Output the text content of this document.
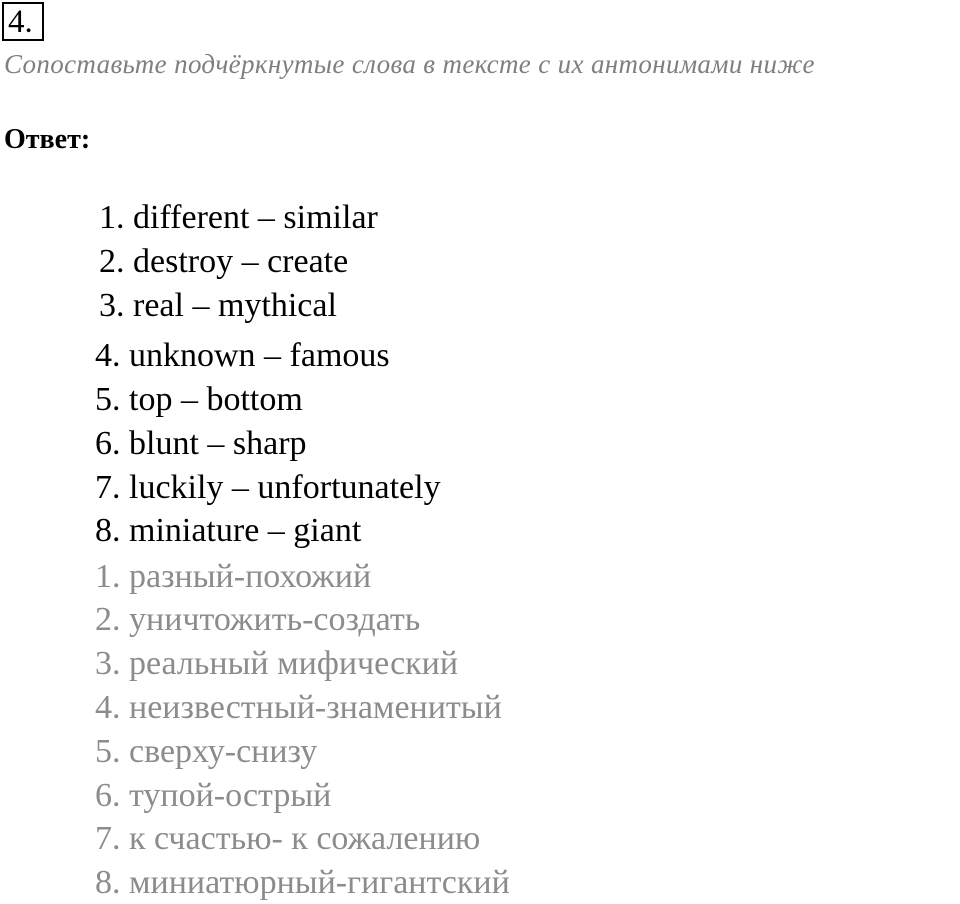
4.
Сопоставьте подчёркнутые слова в тексте с их антонимами ниже
Ответ:
1. different – similar
2. destroy – create
3. real – mythical
4. unknown – famous
5. top – bottom
6. blunt – sharp
7. luckily – unfortunately
8. miniature – giant
1. разный-похожий
2. уничтожить-создать
3. реальный мифический
4. неизвестный-знаменитый
5. сверху-снизу
6. тупой-острый
7. к счастью- к сожалению
8. миниатюрный-гигантский
